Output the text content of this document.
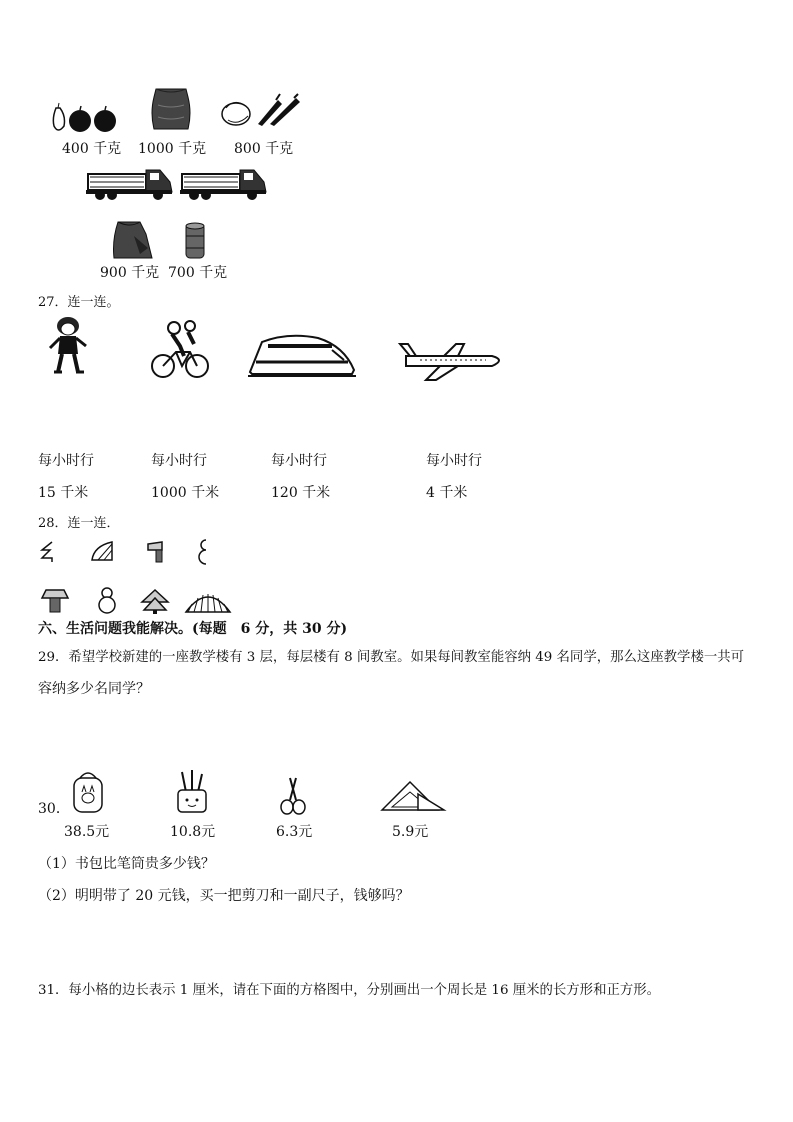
400 千克 1000 千克 800 千克
900 千克 700 千克
27．连一连。
每小时行	每小时行	每小时行	每小时行
15 千米	1000 千米	120 千米	4 千米
28．连一连．
六、生活问题我能解决。(每题　6 分，共 30 分)
29．希望学校新建的一座教学楼有 3 层，每层楼有 8 间教室。如果每间教室能容纳 49 名同学，那么这座教学楼一共可
容纳多少名同学？
30．
38.5元	10.8元	6.3元	5.9元
（1）书包比笔筒贵多少钱？
（2）明明带了 20 元钱，买一把剪刀和一副尺子，钱够吗？
31．每小格的边长表示 1 厘米，请在下面的方格图中，分别画出一个周长是 16 厘米的长方形和正方形。
